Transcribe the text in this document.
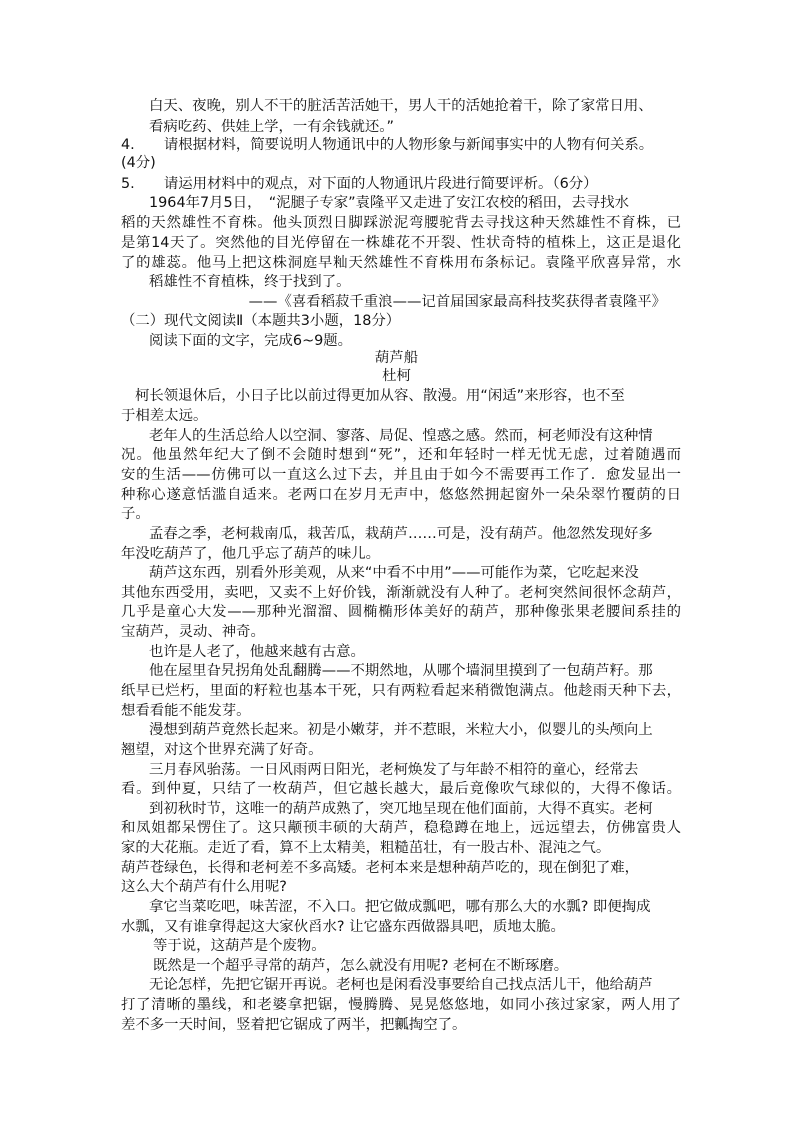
白天、夜晚，别人不干的脏活苦活她干，男人干的活她抢着干，除了家常日用、
看病吃药、供娃上学，一有余钱就还。”
4. 请根据材料，简要说明人物通讯中的人物形象与新闻事实中的人物有何关系。
(4分)
5. 请运用材料中的观点，对下面的人物通讯片段进行简要评析。（6分）
1964年7月5日，　“泥腿子专家”袁隆平又走进了安江农校的稻田，去寻找水
稻的天然雄性不育株。他头顶烈日脚踩淤泥弯腰驼背去寻找这种天然雄性不育株，已
是第14天了。突然他的目光停留在一株雄花不开裂、性状奇特的植株上，这正是退化
了的雄蕊。他马上把这株洞庭早籼天然雄性不育株用布条标记。袁隆平欣喜异常，水
稻雄性不育植株，终于找到了。
——《喜看稻菽千重浪——记首届国家最高科技奖获得者袁隆平》
（二）现代文阅读Ⅱ（本题共3小题，18分）
阅读下面的文字，完成6~9题。
葫芦船
杜柯
柯长领退休后，小日子比以前过得更加从容、散漫。用“闲适”来形容，也不至
于相差太远。
老年人的生活总给人以空洞、寥落、局促、惶惑之感。然而，柯老师没有这种情
况。他虽然年纪大了倒不会随时想到“死”，还和年轻时一样无忧无虑，过着随遇而
安的生活——仿佛可以一直这么过下去，并且由于如今不需要再工作了．愈发显出一
种称心遂意恬滥自适来。老两口在岁月无声中，悠悠然拥起窗外一朵朵翠竹覆荫的日
子。
孟春之季，老柯栽南瓜，栽苦瓜，栽葫芦……可是，没有葫芦。他忽然发现好多
年没吃葫芦了，他几乎忘了葫芦的味儿。
葫芦这东西，别看外形美观，从来“中看不中用”——可能作为菜，它吃起来没
其他东西受用，卖吧，又卖不上好价钱，渐渐就没有人种了。老柯突然间很怀念葫芦，
几乎是童心大发——那种光溜溜、圆椭椭形体美好的葫芦，那种像张果老腰间系挂的
宝葫芦，灵动、神奇。
也许是人老了，他越来越有古意。
他在屋里旮旯拐角处乱翻腾——不期然地，从哪个墙洞里摸到了一包葫芦籽。那
纸早已烂朽，里面的籽粒也基本干死，只有两粒看起来稍微饱满点。他趁雨天种下去，
想看看能不能发芽。
漫想到葫芦竟然长起来。初是小嫩芽，并不惹眼，米粒大小，似婴儿的头颅向上
翘望，对这个世界充满了好奇。
三月春风骀荡。一日风雨两日阳光，老柯焕发了与年龄不相符的童心，经常去
看。到仲夏，只结了一枚葫芦，但它越长越大，最后竟像吹气球似的，大得不像话。
到初秋时节，这唯一的葫芦成熟了，突兀地呈现在他们面前，大得不真实。老柯
和凤姐都呆愣住了。这只颟顸丰硕的大葫芦，稳稳蹲在地上，远远望去，仿佛富贵人
家的大花瓶。走近了看，算不上太精美，粗糙茁壮，有一股古朴、混沌之气。
葫芦苍绿色，长得和老柯差不多高矮。老柯本来是想种葫芦吃的，现在倒犯了难，
这么大个葫芦有什么用呢?
拿它当菜吃吧，味苦涩，不入口。把它做成瓢吧，哪有那么大的水瓢? 即便掏成
水瓢，又有谁拿得起这大家伙舀水? 让它盛东西做器具吧，质地太脆。
等于说，这葫芦是个废物。
既然是一个超乎寻常的葫芦，怎么就没有用呢? 老柯在不断琢磨。
无论怎样，先把它锯开再说。老柯也是闲看没事要给自己找点活儿干，他给葫芦
打了清晰的墨线，和老婆拿把锯，慢腾腾、晃晃悠悠地，如同小孩过家家，两人用了
差不多一天时间，竖着把它锯成了两半，把瓤掏空了。
